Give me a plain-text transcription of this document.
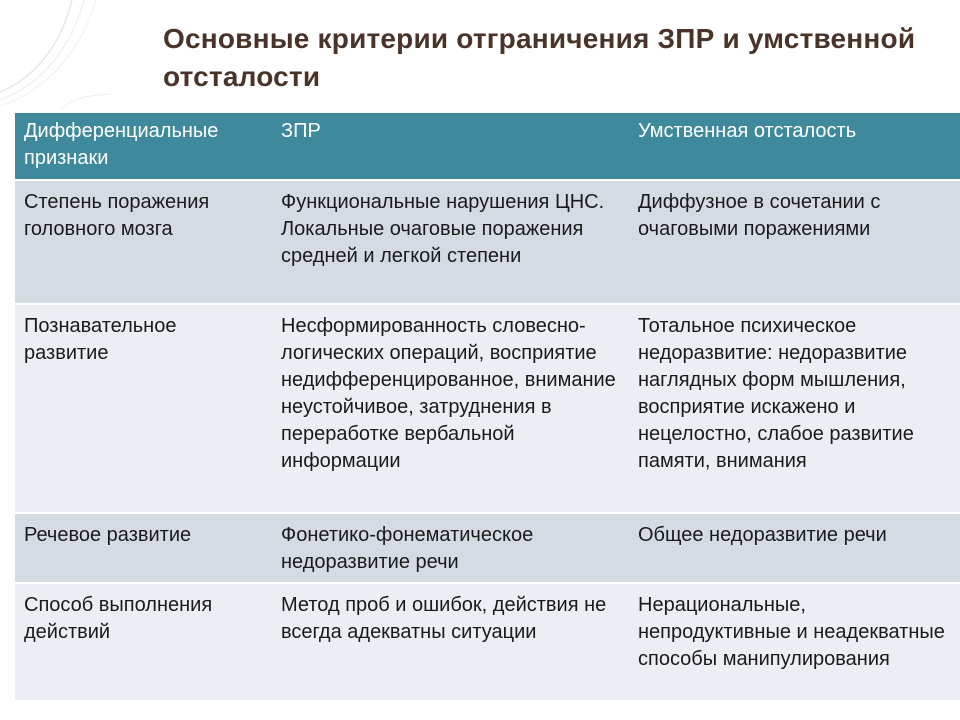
Основные критерии отграничения ЗПР и умственной отсталости
Дифференциальные признаки	ЗПР	Умственная отсталость
Степень поражения головного мозга	Функциональные нарушения ЦНС. Локальные очаговые поражения средней и легкой степени	Диффузное в сочетании с очаговыми поражениями
Познавательное развитие	Несформированность словесно-логических операций, восприятие недифференцированное, внимание неустойчивое, затруднения в переработке вербальной информации	Тотальное психическое недоразвитие: недоразвитие наглядных форм мышления, восприятие искажено и нецелостно, слабое развитие памяти, внимания
Речевое развитие	Фонетико-фонематическое недоразвитие речи	Общее недоразвитие речи
Способ выполнения действий	Метод проб и ошибок, действия не всегда адекватны ситуации	Нерациональные, непродуктивные и неадекватные способы манипулирования
